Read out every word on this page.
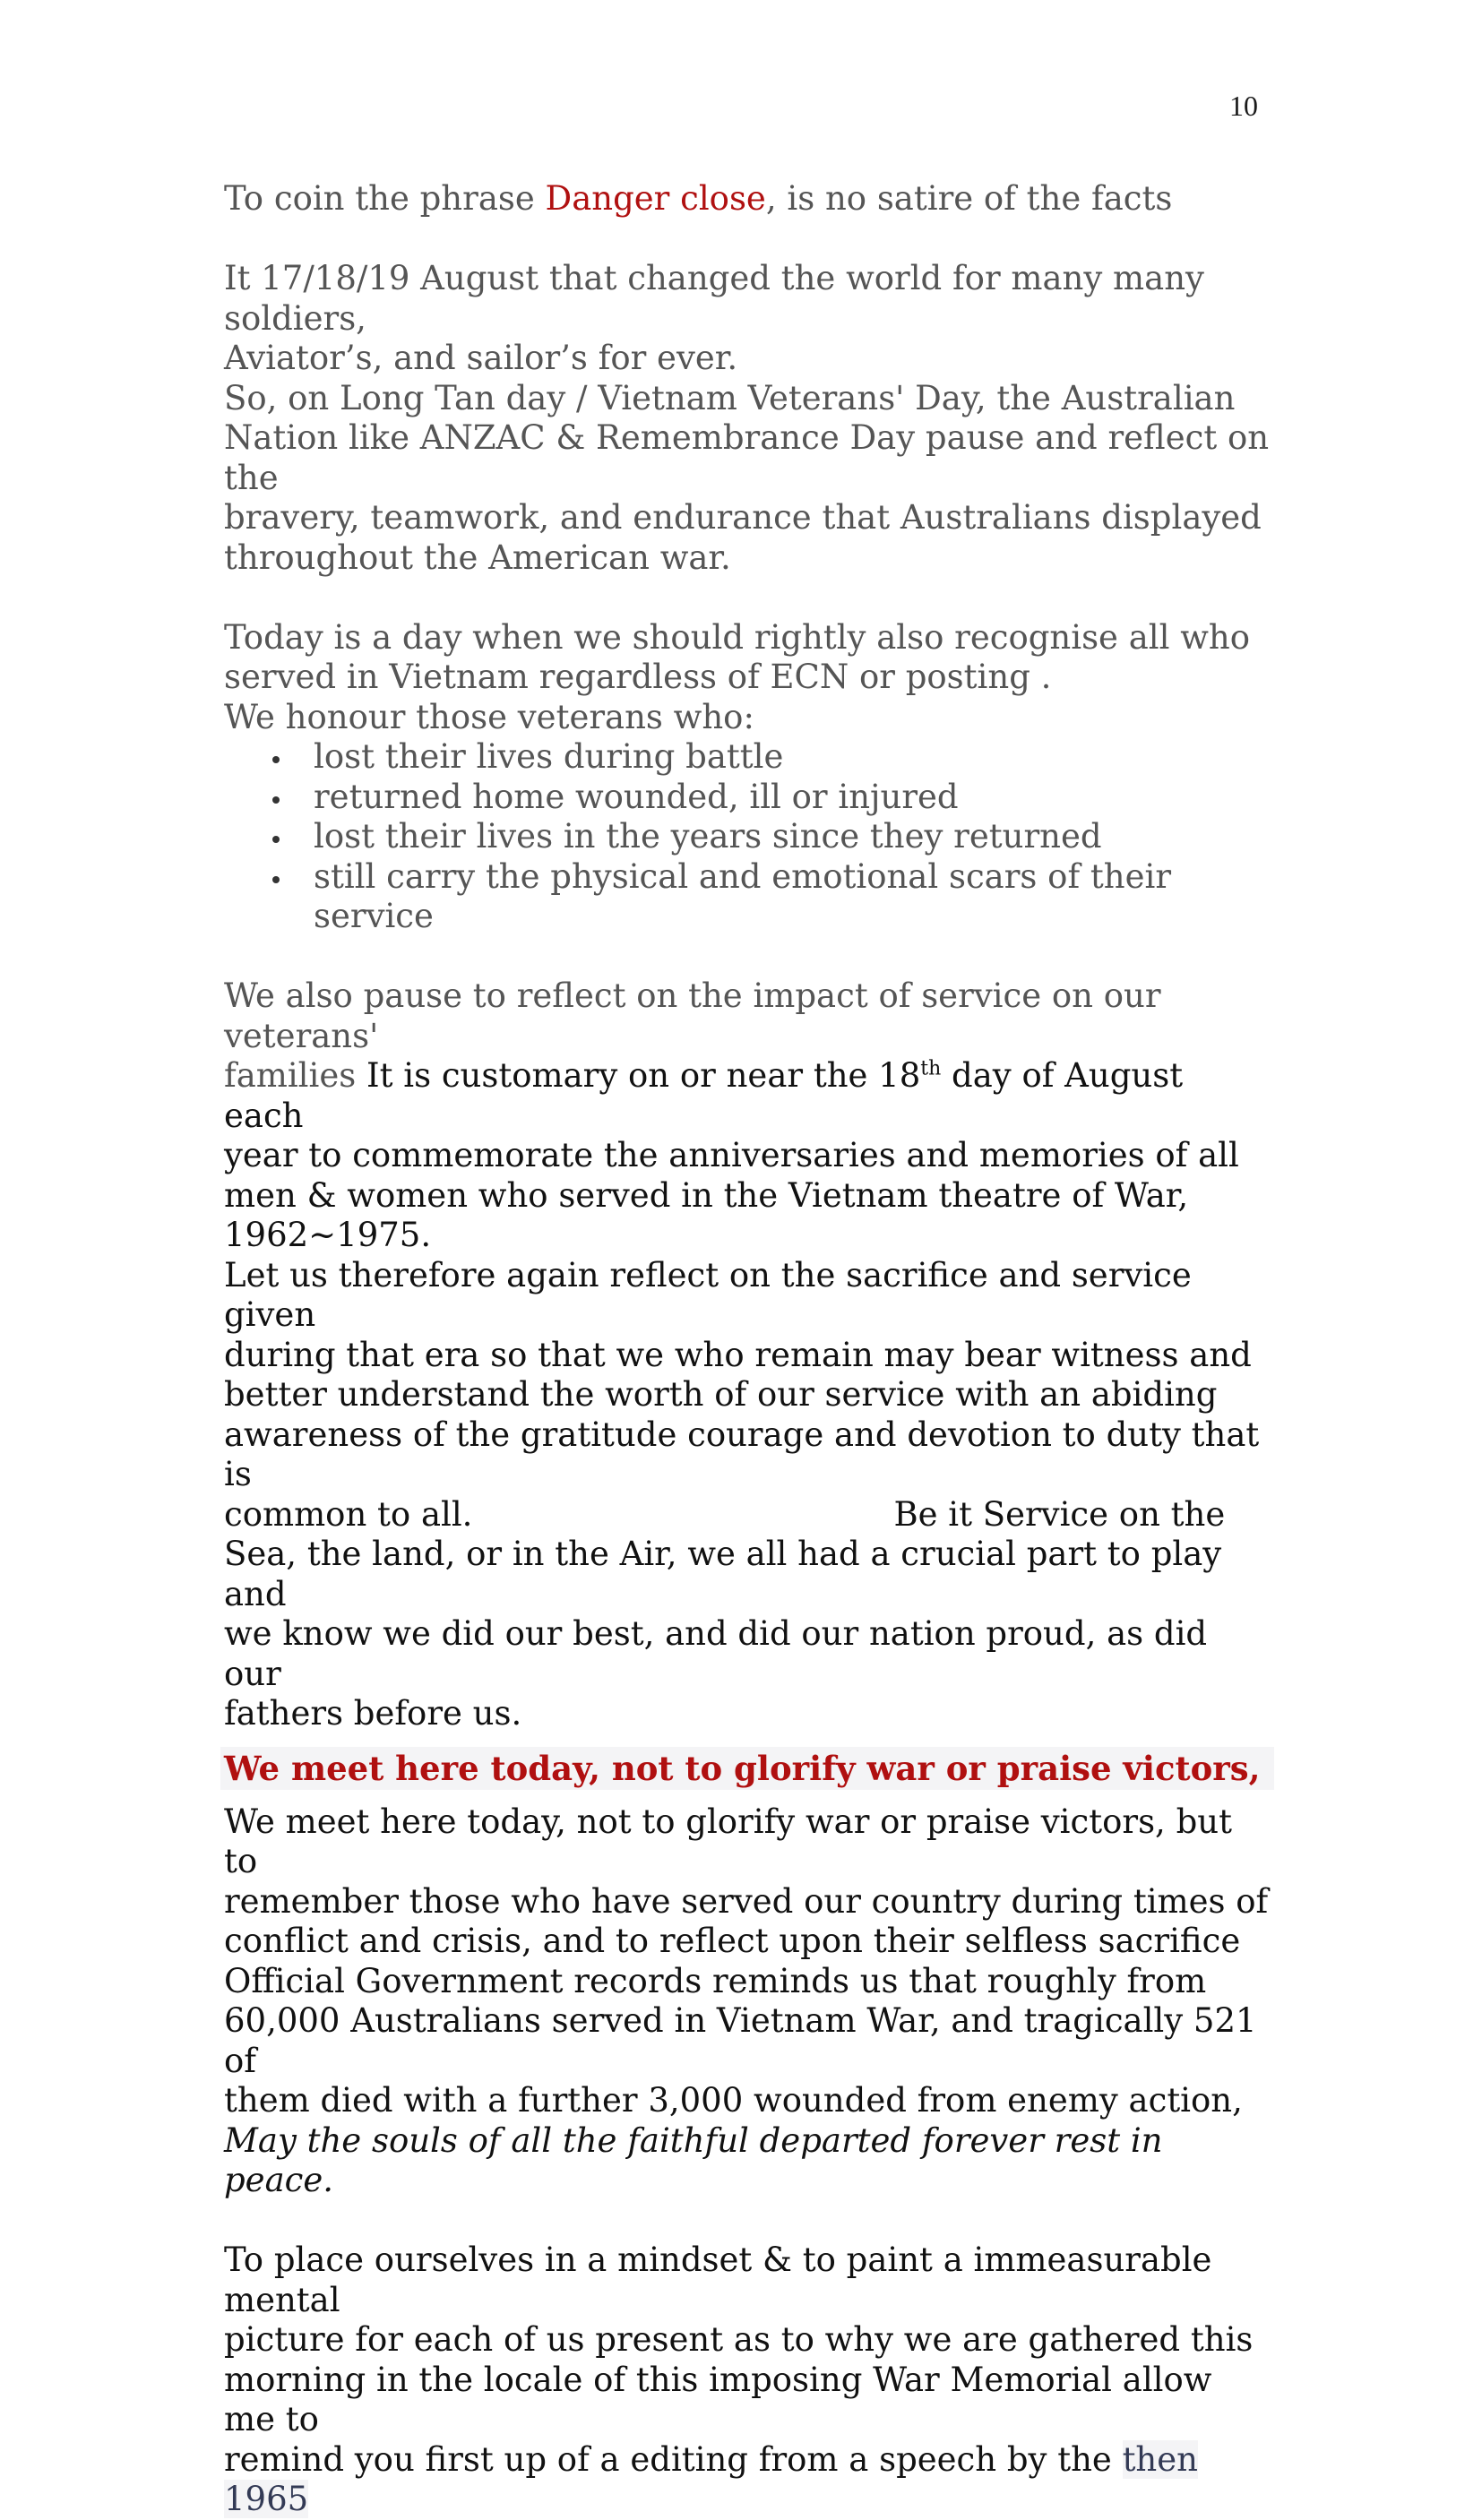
10

To coin the phrase Danger close, is no satire of the facts

It 17/18/19 August that changed the world for many many soldiers,
Aviator’s, and sailor’s for ever.
So, on Long Tan day / Vietnam Veterans' Day, the Australian
Nation like ANZAC & Remembrance Day pause and reflect on the
bravery, teamwork, and endurance that Australians displayed
throughout the American war.
Today is a day when we should rightly also recognise all who
served in Vietnam regardless of ECN or posting .
We honour those veterans who:
lost their lives during battle
returned home wounded, ill or injured
lost their lives in the years since they returned
still carry the physical and emotional scars of their service
We also pause to reflect on the impact of service on our veterans'
families It is customary on or near the 18th day of August each
year to commemorate the anniversaries and memories of all
men & women who served in the Vietnam theatre of War,
1962~1975.
Let us therefore again reflect on the sacrifice and service given
during that era so that we who remain may bear witness and
better understand the worth of our service with an abiding
awareness of the gratitude courage and devotion to duty that is
common to all.	Be it Service on the
Sea, the land, or in the Air, we all had a crucial part to play and
we know we did our best, and did our nation proud, as did our
fathers before us.
We meet here today, not to glorify war or praise victors,
We meet here today, not to glorify war or praise victors, but to
remember those who have served our country during times of
conflict and crisis, and to reflect upon their selfless sacrifice
Official Government records reminds us that roughly from
60,000 Australians served in Vietnam War, and tragically 521 of
them died with a further 3,000 wounded from enemy action,
May the souls of all the faithful departed forever rest in peace.
To place ourselves in a mindset & to paint a immeasurable mental
picture for each of us present as to why we are gathered this
morning in the locale of this imposing War Memorial allow me to
remind you first up of a editing from a speech by the then 1965
